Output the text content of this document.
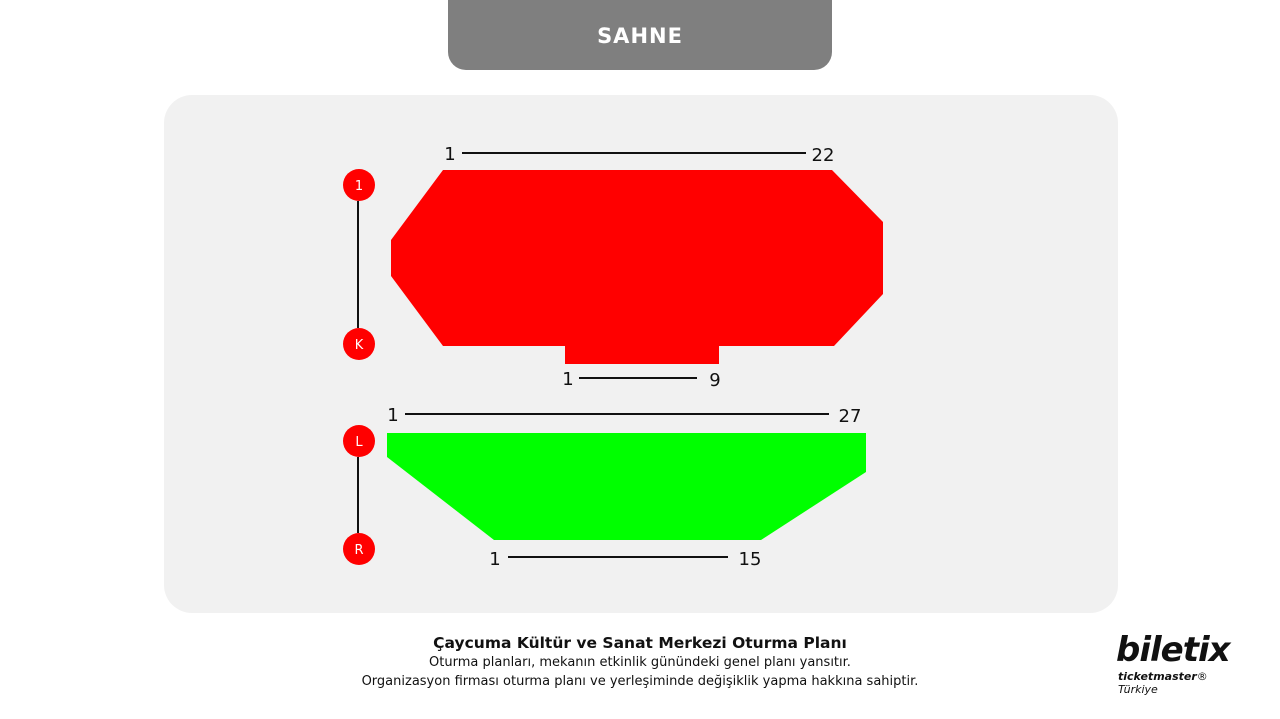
SAHNE
1	22
1	9
1	27
1	15
1
K
L
R
Çaycuma Kültür ve Sanat Merkezi Oturma Planı
Oturma planları, mekanın etkinlik günündeki genel planı yansıtır.
Organizasyon firması oturma planı ve yerleşiminde değişiklik yapma hakkına sahiptir.
biletix
ticketmaster® Türkiye
